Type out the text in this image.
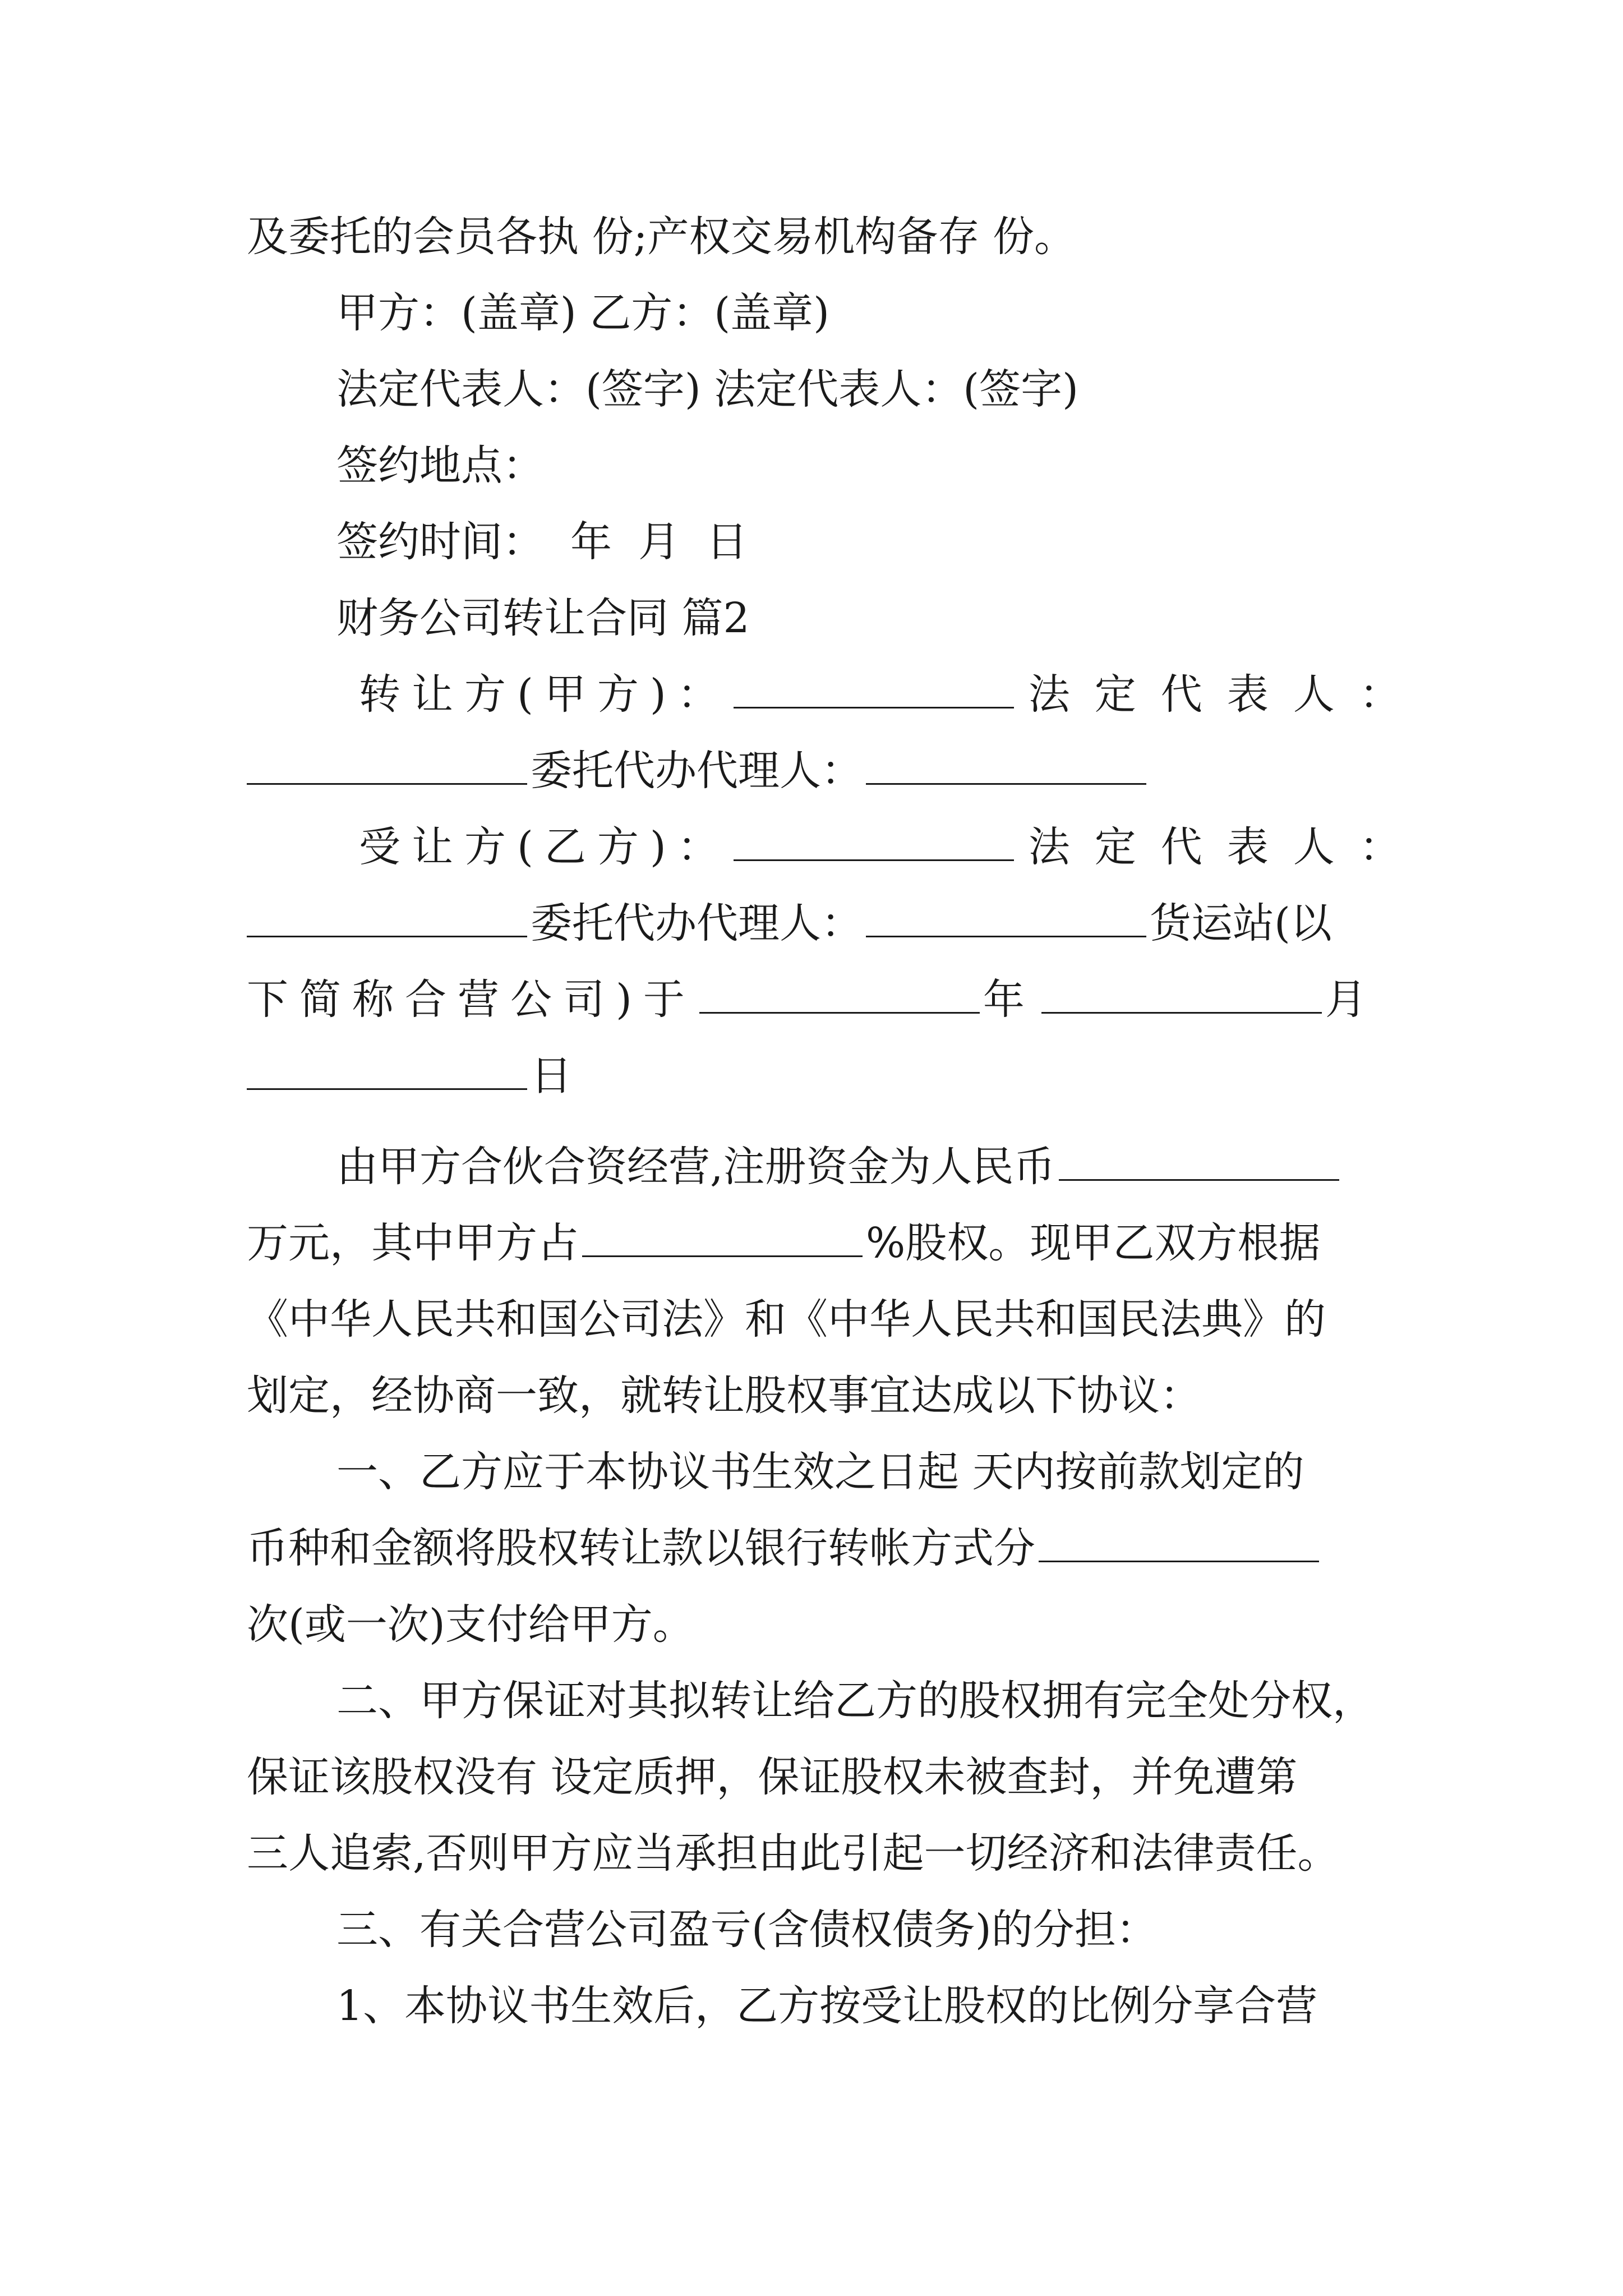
及委托的会员各执 份;产权交易机构备存 份。
甲方：(盖章) 乙方：(盖章)
法定代表人：(签字) 法定代表人：(签字)
签约地点：
签约时间：  年  月  日
财务公司转让合同 篇2
转让方(甲方)：	法定代表人：
委托代办代理人：
受让方(乙方)：	法定代表人：
委托代办代理人：	货运站(以
下简称合营公司)于	年	月
日
由甲方合伙合资经营,注册资金为人民币
万元，其中甲方占	%股权。现甲乙双方根据
《中华人民共和国公司法》和《中华人民共和国民法典》的
划定，经协商一致，就转让股权事宜达成以下协议：
一、乙方应于本协议书生效之日起 天内按前款划定的
币种和金额将股权转让款以银行转帐方式分
次(或一次)支付给甲方。
二、甲方保证对其拟转让给乙方的股权拥有完全处分权，
保证该股权没有 设定质押，保证股权未被查封，并免遭第
三人追索,否则甲方应当承担由此引起一切经济和法律责任。
三、有关合营公司盈亏(含债权债务)的分担：
1、本协议书生效后，乙方按受让股权的比例分享合营
